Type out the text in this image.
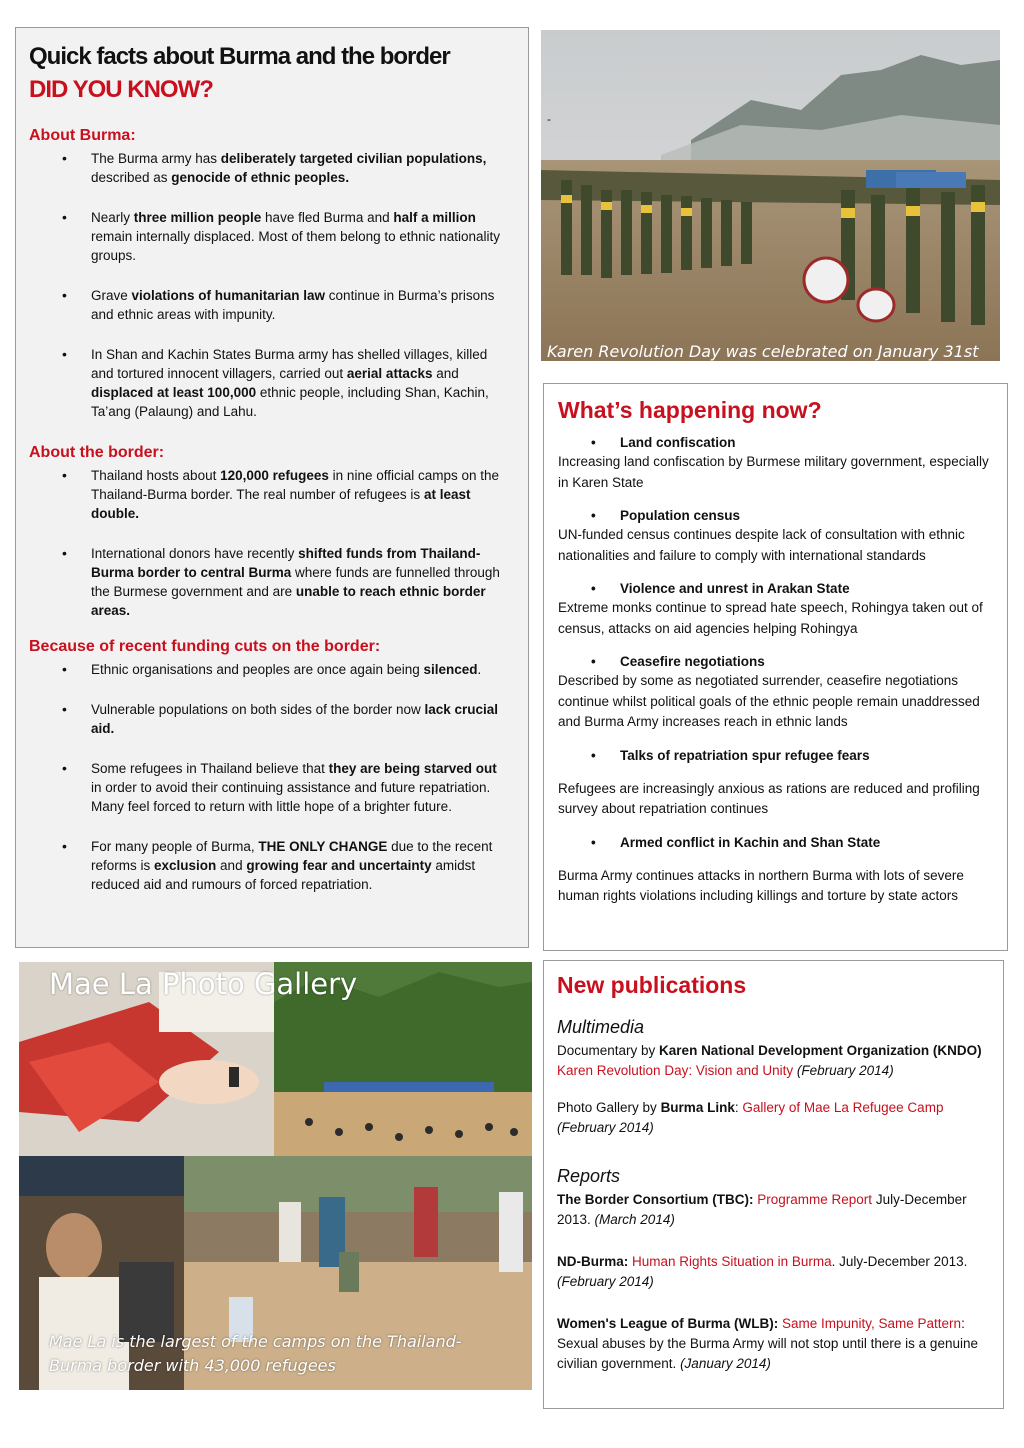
Quick facts about Burma and the border
DID YOU KNOW?
About Burma:
• The Burma army has deliberately targeted civilian populations, described as genocide of ethnic peoples.
• Nearly three million people have fled Burma and half a million remain internally displaced. Most of them belong to ethnic nationality groups.
• Grave violations of humanitarian law continue in Burma’s prisons and ethnic areas with impunity.
• In Shan and Kachin States Burma army has shelled villages, killed and tortured innocent villagers, carried out aerial attacks and displaced at least 100,000 ethnic people, including Shan, Kachin, Ta’ang (Palaung) and Lahu.
About the border:
• Thailand hosts about 120,000 refugees in nine official camps on the Thailand-Burma border. The real number of refugees is at least double.
• International donors have recently shifted funds from Thailand-Burma border to central Burma where funds are funnelled through the Burmese government and are unable to reach ethnic border areas.
Because of recent funding cuts on the border:
• Ethnic organisations and peoples are once again being silenced.
• Vulnerable populations on both sides of the border now lack crucial aid.
• Some refugees in Thailand believe that they are being starved out in order to avoid their continuing assistance and future repatriation. Many feel forced to return with little hope of a brighter future.
• For many people of Burma, THE ONLY CHANGE due to the recent reforms is exclusion and growing fear and uncertainty amidst reduced aid and rumours of forced repatriation.
Karen Revolution Day was celebrated on January 31st
-
What’s happening now?
• Land confiscation
Increasing land confiscation by Burmese military government, especially in Karen State
• Population census
UN-funded census continues despite lack of consultation with ethnic nationalities and failure to comply with international standards
• Violence and unrest in Arakan State
Extreme monks continue to spread hate speech, Rohingya taken out of census, attacks on aid agencies helping Rohingya
• Ceasefire negotiations
Described by some as negotiated surrender, ceasefire negotiations continue whilst political goals of the ethnic people remain unaddressed and Burma Army increases reach in ethnic lands
• Talks of repatriation spur refugee fears
Refugees are increasingly anxious as rations are reduced and profiling survey about repatriation continues
• Armed conflict in Kachin and Shan State
Burma Army continues attacks in northern Burma with lots of severe human rights violations including killings and torture by state actors
Mae La Photo Gallery
Mae La is the largest of the camps on the Thailand-Burma border with 43,000 refugees
New publications
Multimedia

Documentary by Karen National Development Organization (KNDO)
Karen Revolution Day: Vision and Unity (February 2014)

Photo Gallery by Burma Link: Gallery of Mae La Refugee Camp
(February 2014)

Reports

The Border Consortium (TBC): Programme Report July-December 2013. (March 2014)

ND-Burma: Human Rights Situation in Burma. July-December 2013. (February 2014)

Women's League of Burma (WLB): Same Impunity, Same Pattern: Sexual abuses by the Burma Army will not stop until there is a genuine civilian government. (January 2014)
